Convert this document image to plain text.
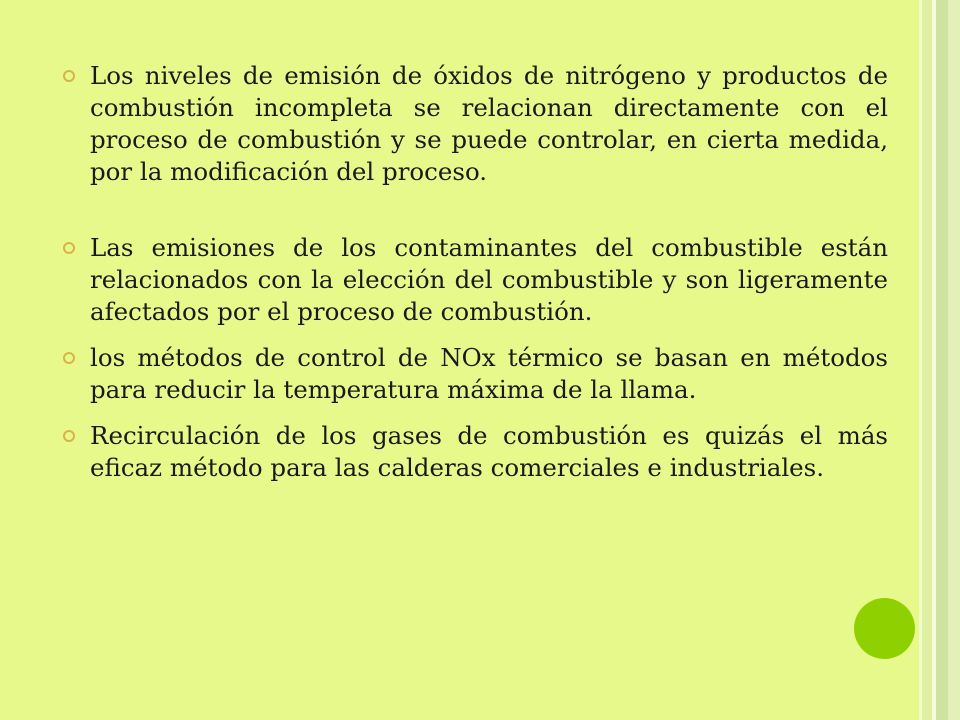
Los niveles de emisión de óxidos de nitrógeno y productos de combustión incompleta se relacionan directamente con el proceso de combustión y se puede controlar, en cierta medida, por la modificación del proceso.
Las emisiones de los contaminantes del combustible están relacionados con la elección del combustible y son ligeramente afectados por el proceso de combustión.
los métodos de control de NOx térmico se basan en métodos para reducir la temperatura máxima de la llama.
Recirculación de los gases de combustión es quizás el más eficaz método para las calderas comerciales e industriales.
